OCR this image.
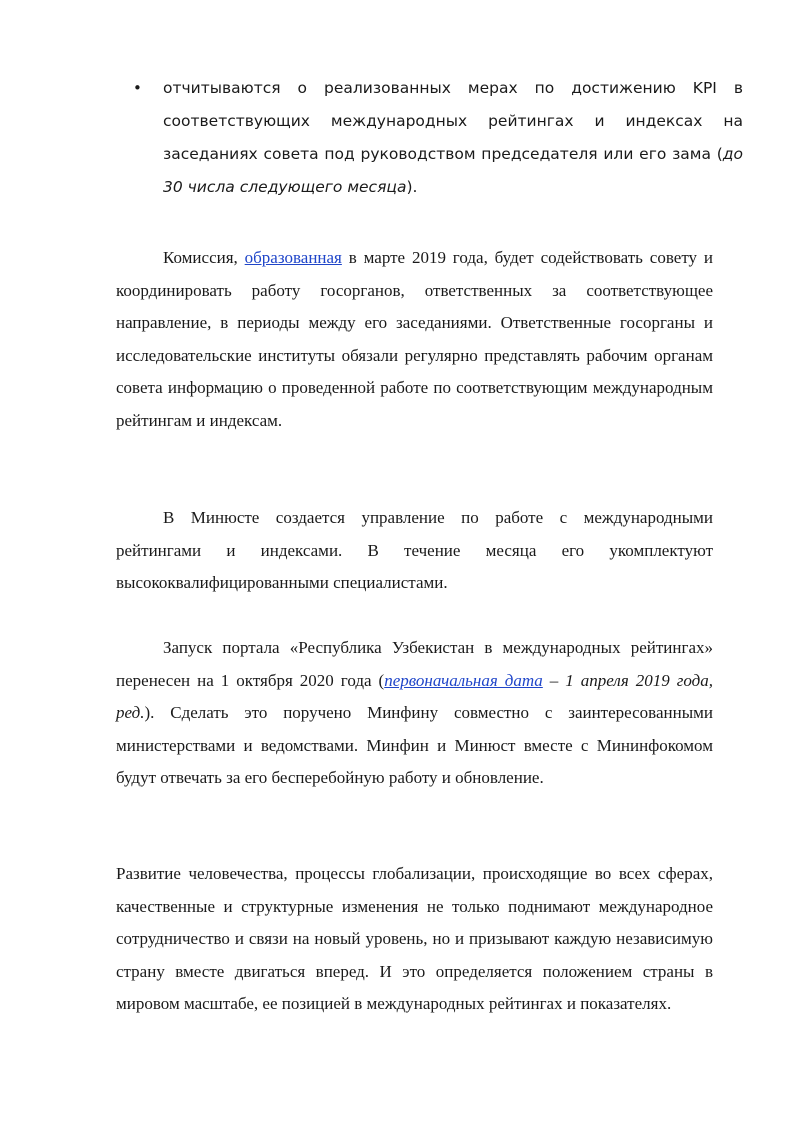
• отчитываются о реализованных мерах по достижению KPI в соответствующих международных рейтингах и индексах на заседаниях совета под руководством председателя или его зама (до 30 числа следующего месяца).

Комиссия, образованная в марте 2019 года, будет содействовать совету и координировать работу госорганов, ответственных за соответствующее направление, в периоды между его заседаниями. Ответственные госорганы и исследовательские институты обязали регулярно представлять рабочим органам совета информацию о проведенной работе по соответствующим международным рейтингам и индексам.

В Минюсте создается управление по работе с международными рейтингами и индексами. В течение месяца его укомплектуют высококвалифицированными специалистами.

Запуск портала «Республика Узбекистан в международных рейтингах» перенесен на 1 октября 2020 года (первоначальная дата – 1 апреля 2019 года, ред.). Сделать это поручено Минфину совместно с заинтересованными министерствами и ведомствами. Минфин и Минюст вместе с Мининфокомом будут отвечать за его бесперебойную работу и обновление.

Развитие человечества, процессы глобализации, происходящие во всех сферах, качественные и структурные изменения не только поднимают международное сотрудничество и связи на новый уровень, но и призывают каждую независимую страну вместе двигаться вперед. И это определяется положением страны в мировом масштабе, ее позицией в международных рейтингах и показателях.
